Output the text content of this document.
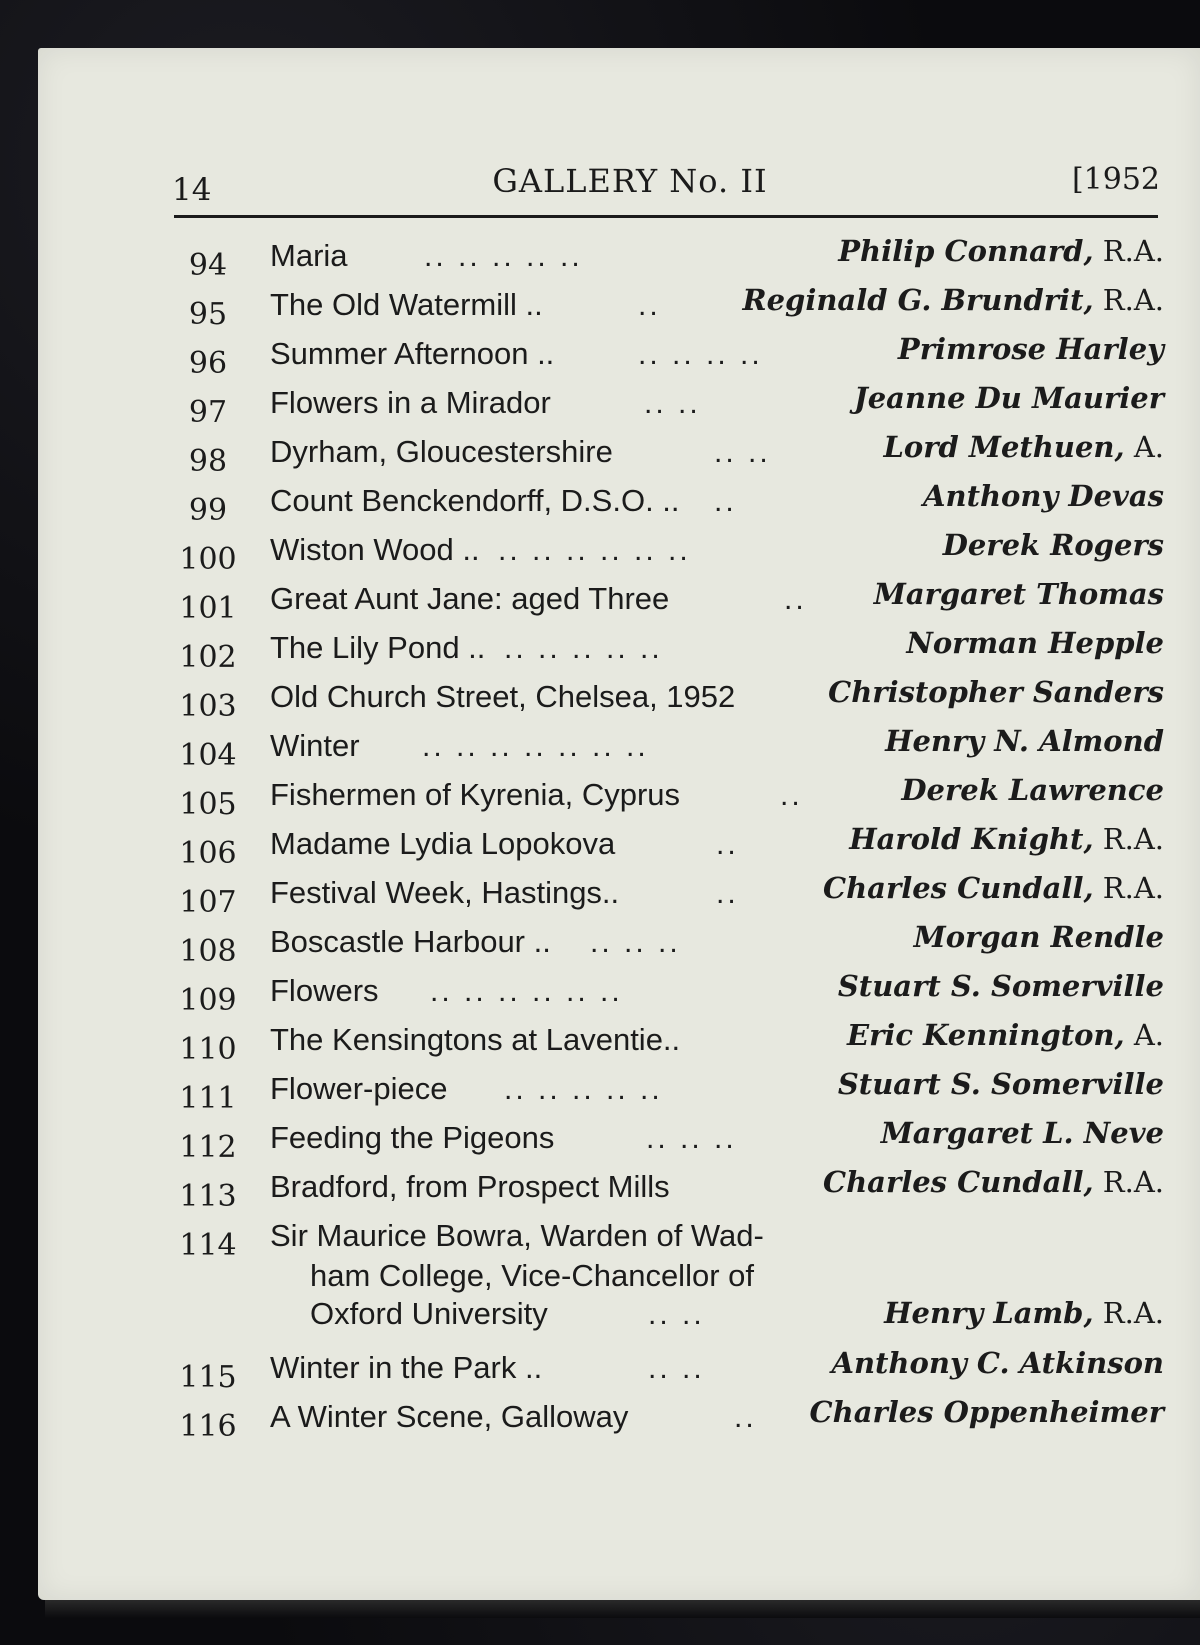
14	GALLERY No. II	[1952
94	Maria	.. .. .. .. ..	Philip Connard, R.A.
95	The Old Watermill ..	..	Reginald G. Brundrit, R.A.
96	Summer Afternoon ..	.. .. .. ..	Primrose Harley
97	Flowers in a Mirador	.. ..	Jeanne Du Maurier
98	Dyrham, Gloucestershire	.. ..	Lord Methuen, A.
99	Count Benckendorff, D.S.O. .. ..	Anthony Devas
100 Wiston Wood .. .. .. .. .. .. ..	Derek Rogers
101 Great Aunt Jane: aged Three	.. Margaret Thomas
102 The Lily Pond .. .. .. .. .. ..	Norman Hepple
103 Old Church Street, Chelsea, 1952	Christopher Sanders
104 Winter .. .. .. .. .. .. ..	Henry N. Almond
105 Fishermen of Kyrenia, Cyprus	..	Derek Lawrence
106 Madame Lydia Lopokova	..	Harold Knight, R.A.
107 Festival Week, Hastings..	..	Charles Cundall, R.A.
108 Boscastle Harbour .. .. .. ..	Morgan Rendle
109 Flowers .. .. .. .. .. ..	Stuart S. Somerville
110 The Kensingtons at Laventie..	Eric Kennington, A.
111 Flower-piece .. .. .. .. ..	Stuart S. Somerville
112 Feeding the Pigeons	.. .. ..	Margaret L. Neve
113 Bradford, from Prospect Mills	Charles Cundall, R.A.
114 Sir Maurice Bowra, Warden of Wad-
ham College, Vice-Chancellor of
Oxford University	.. ..	Henry Lamb, R.A.
115 Winter in the Park ..	.. ..	Anthony C. Atkinson
116 A Winter Scene, Galloway	.. Charles Oppenheimer
